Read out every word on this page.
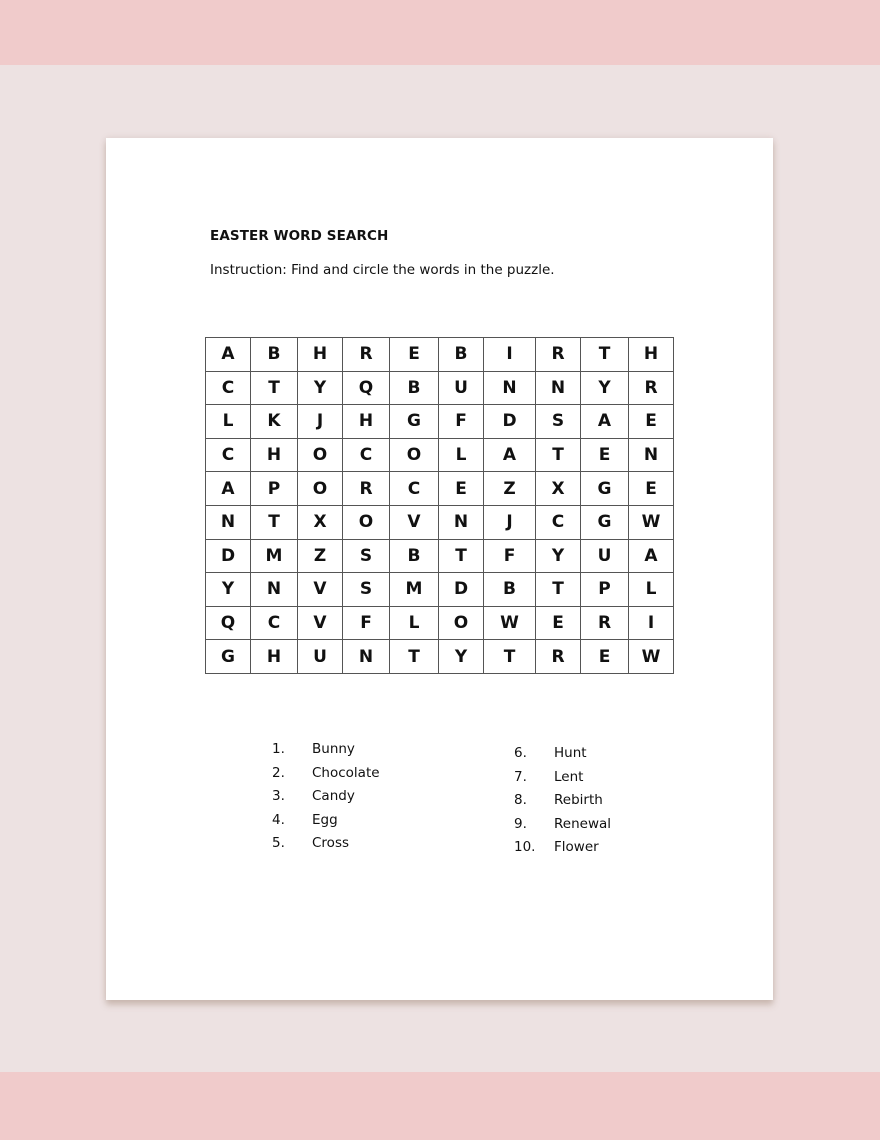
EASTER WORD SEARCH
Instruction: Find and circle the words in the puzzle.
A	B	H	R	E	B	I	R	T	H
C	T	Y	Q	B	U	N	N	Y	R
L	K	J	H	G	F	D	S	A	E
C	H	O	C	O	L	A	T	E	N
A	P	O	R	C	E	Z	X	G	E
N	T	X	O	V	N	J	C	G	W
D	M	Z	S	B	T	F	Y	U	A
Y	N	V	S	M	D	B	T	P	L
Q	C	V	F	L	O	W	E	R	I
G	H	U	N	T	Y	T	R	E	W
1. Bunny
2. Chocolate
3. Candy
4. Egg
5. Cross
6. Hunt
7. Lent
8. Rebirth
9. Renewal
10. Flower
